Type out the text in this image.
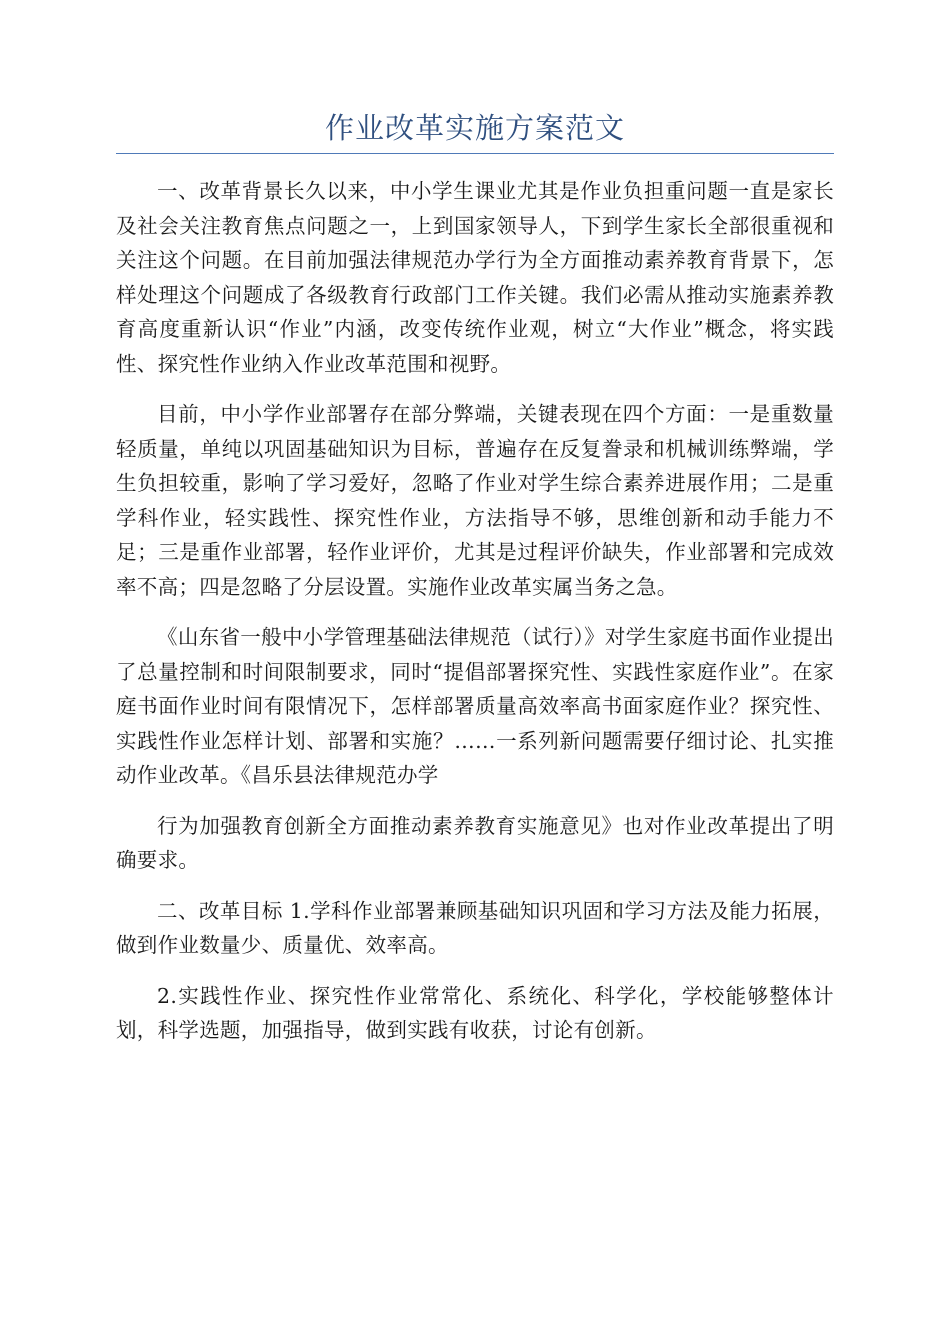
作业改革实施方案范文

一、改革背景长久以来，中小学生课业尤其是作业负担重问题一直是家长及社会关注教育焦点问题之一，上到国家领导人，下到学生家长全部很重视和关注这个问题。在目前加强法律规范办学行为全方面推动素养教育背景下，怎样处理这个问题成了各级教育行政部门工作关键。我们必需从推动实施素养教育高度重新认识“作业”内涵，改变传统作业观，树立“大作业”概念，将实践性、探究性作业纳入作业改革范围和视野。

目前，中小学作业部署存在部分弊端，关键表现在四个方面：一是重数量轻质量，单纯以巩固基础知识为目标，普遍存在反复誊录和机械训练弊端，学生负担较重，影响了学习爱好，忽略了作业对学生综合素养进展作用；二是重学科作业，轻实践性、探究性作业，方法指导不够，思维创新和动手能力不足；三是重作业部署，轻作业评价，尤其是过程评价缺失，作业部署和完成效率不高；四是忽略了分层设置。实施作业改革实属当务之急。

《山东省一般中小学管理基础法律规范（试行）》对学生家庭书面作业提出了总量控制和时间限制要求，同时“提倡部署探究性、实践性家庭作业”。在家庭书面作业时间有限情况下，怎样部署质量高效率高书面家庭作业？探究性、实践性作业怎样计划、部署和实施？……一系列新问题需要仔细讨论、扎实推动作业改革。《昌乐县法律规范办学

行为加强教育创新全方面推动素养教育实施意见》也对作业改革提出了明确要求。

二、改革目标 1.学科作业部署兼顾基础知识巩固和学习方法及能力拓展，做到作业数量少、质量优、效率高。

2.实践性作业、探究性作业常常化、系统化、科学化，学校能够整体计划，科学选题，加强指导，做到实践有收获，讨论有创新。
